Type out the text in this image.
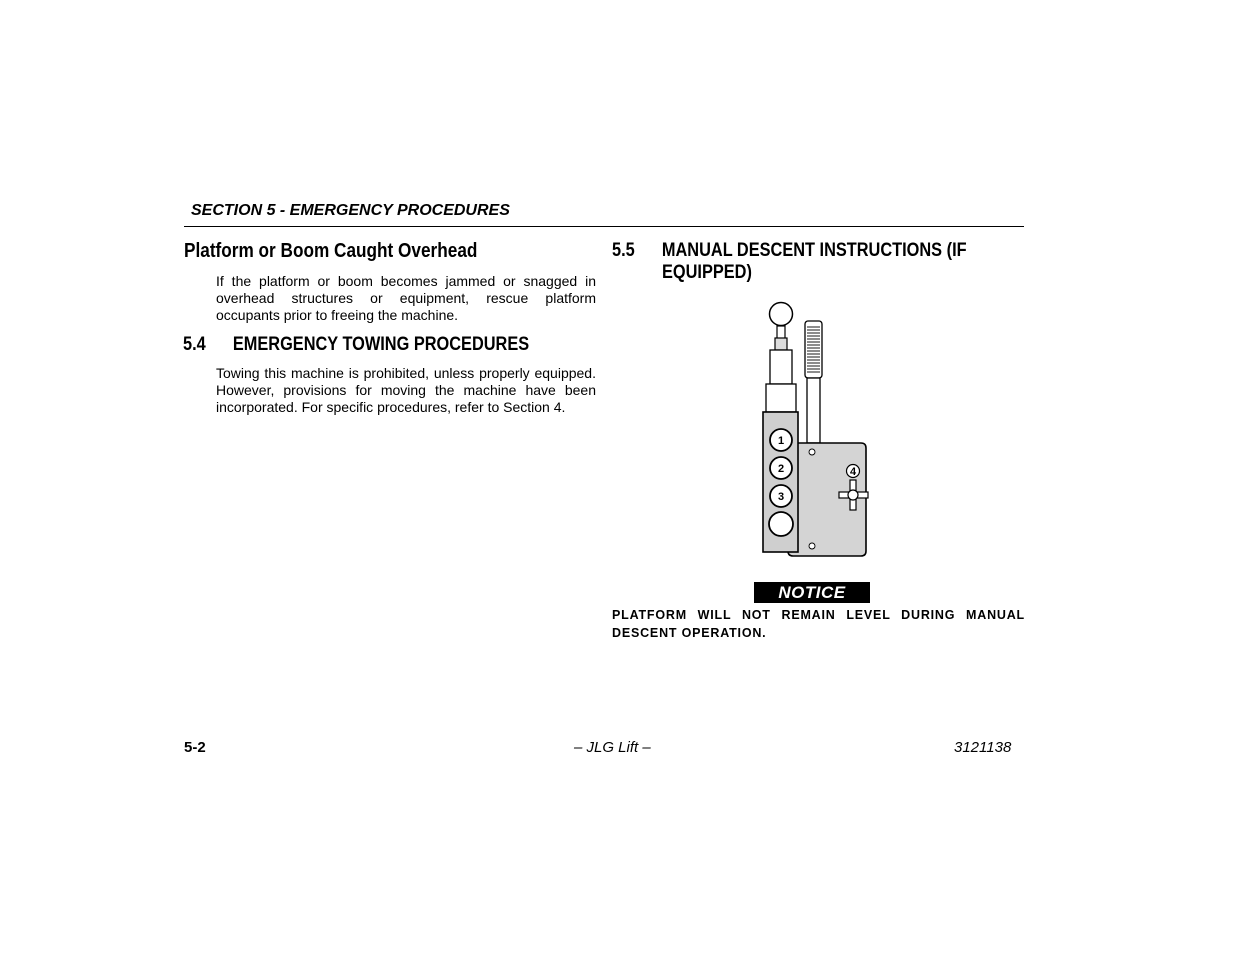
SECTION 5 - EMERGENCY PROCEDURES
Platform or Boom Caught Overhead
If the platform or boom becomes jammed or snagged in overhead structures or equipment, rescue platform occupants prior to freeing the machine.
5.4 EMERGENCY TOWING PROCEDURES
Towing this machine is prohibited, unless properly equipped. However, provisions for moving the machine have been incorporated. For specific procedures, refer to Section 4.
5.5 MANUAL DESCENT INSTRUCTIONS (IF
EQUIPPED)
1
2
3
4
NOTICE
PLATFORM WILL NOT REMAIN LEVEL DURING MANUAL DESCENT OPERATION.
5-2	– JLG Lift –	3121138
